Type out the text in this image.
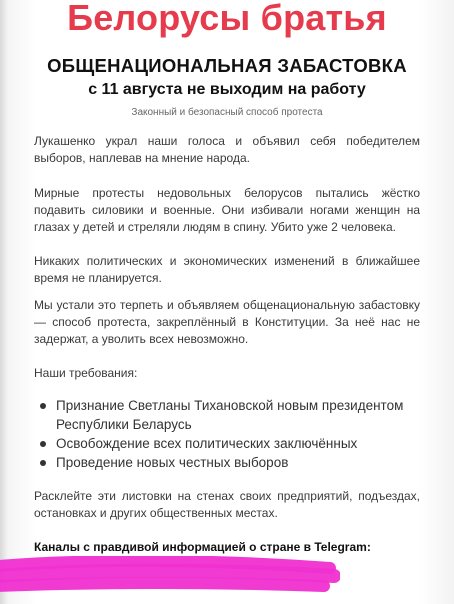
Белорусы братья
ОБЩЕНАЦИОНАЛЬНАЯ ЗАБАСТОВКА
с 11 августа не выходим на работу
Законный и безопасный способ протеста
Лукашенко украл наши голоса и объявил себя победителем выборов, наплевав на мнение народа.
Мирные протесты недовольных белорусов пытались жёстко подавить силовики и военные. Они избивали ногами женщин на глазах у детей и стреляли людям в спину. Убито уже 2 человека.
Никаких политических и экономических изменений в ближайшее время не планируется.
Мы устали это терпеть и объявляем общенациональную забастовку — способ протеста, закреплённый в Конституции. За неё нас не задержат, а уволить всех невозможно.
Наши требования:
Признание Светланы Тихановской новым президентом Республики Беларусь
Освобождение всех политических заключённых
Проведение новых честных выборов
Расклейте эти листовки на стенах своих предприятий, подъездах, остановках и других общественных местах.
Каналы с правдивой информацией о стране в Telegram:
